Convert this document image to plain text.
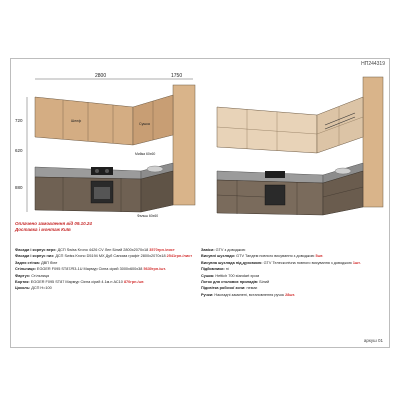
НП244319
2800	1750
720
620
880
Шелф
Сушка
Мийка 60х60
Фальш 60х60
Оплачено замовлення від 09.10.24
Доставка і монтаж Київ
Фасади і корпус верх: ДСП Swiss Krono 4426 CV Лен Білий 2800х2070х18 3570грн./лист
Фасади і корпус низ: ДСП Swiss Krono D5194 MX Дуб Санома графіт 2800х2070х18 2541грн./лист
Задня стінка: ДВП біле
Стільниця: EGGER F095 ST87/R3-1U Мармур Сієна сірий 3000х600х38 5630грн./шт.
Фартух: Стільниця
Бортик: EGGER F095 ST87 Мармур Сієна сірий 4.1м.п АС10 870грн./шт.
Цоколь: ДСП Н=100
Завіси: GTV з доводжою
Висувні шухляди: GTV Тандем повного висування з доводжою 5шт.
Висувна шухляда під духовкою: GTV Телескопічна повного висування з доводжою 1шт.
Підйомники: ні
Сушка: Hettich 700 standart хром
Лоток для столових приладів: Білий
Підсвітка робочої зони: немає
Ручки: Накладні замкнені, встановлення ручок 28шт.
аркуш 01
